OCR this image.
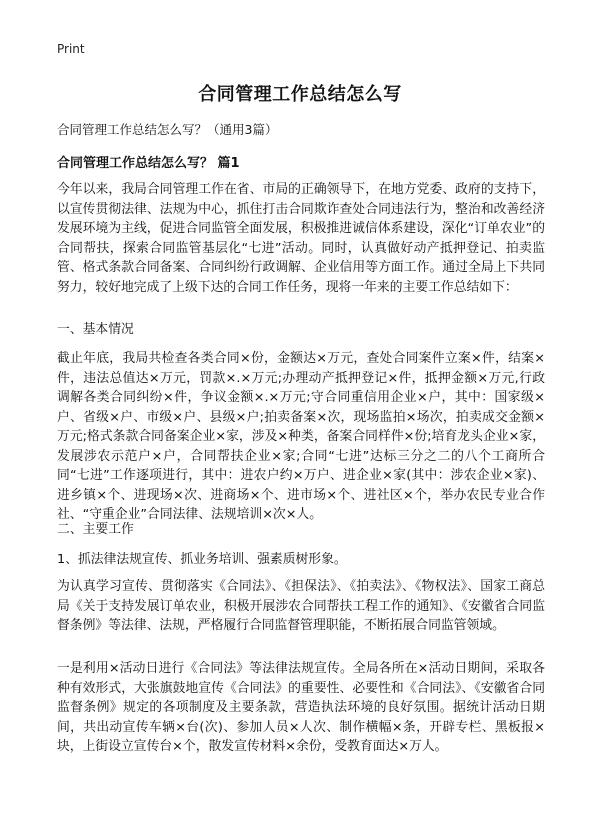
Print
合同管理工作总结怎么写
合同管理工作总结怎么写？（通用3篇）
合同管理工作总结怎么写？ 篇1

今年以来，我局合同管理工作在省、市局的正确领导下，在地方党委、政府的支持下，以宣传贯彻法律、法规为中心，抓住打击合同欺诈查处合同违法行为，整治和改善经济发展环境为主线，促进合同监管全面发展，积极推进诚信体系建设，深化“订单农业”的合同帮扶，探索合同监管基层化“七进”活动。同时，认真做好动产抵押登记、拍卖监管、格式条款合同备案、合同纠纷行政调解、企业信用等方面工作。通过全局上下共同努力，较好地完成了上级下达的合同工作任务，现将一年来的主要工作总结如下：

一、基本情况

截止年底，我局共检查各类合同×份，金额达×万元，查处合同案件立案×件，结案×件，违法总值达×万元，罚款×.×万元;办理动产抵押登记×件，抵押金额×万元,行政调解各类合同纠纷×件，争议金额×.×万元;守合同重信用企业×户，其中：国家级×户、省级×户、市级×户、县级×户;拍卖备案×次，现场监拍×场次，拍卖成交金额×万元;格式条款合同备案企业×家，涉及×种类，备案合同样件×份;培育龙头企业×家，发展涉农示范户×户，合同帮扶企业×家;合同“七进”达标三分之二的八个工商所合同“七进”工作逐项进行，其中：进农户约×万户、进企业×家(其中：涉农企业×家)、进乡镇×个、进现场×次、进商场×个、进市场×个、进社区×个，举办农民专业合作社、“守重企业”合同法律、法规培训×次×人。

二、主要工作
1、抓法律法规宣传、抓业务培训、强素质树形象。

为认真学习宣传、贯彻落实《合同法》、《担保法》、《拍卖法》、《物权法》、国家工商总局《关于支持发展订单农业，积极开展涉农合同帮扶工程工作的通知》、《安徽省合同监督条例》等法律、法规，严格履行合同监督管理职能，不断拓展合同监管领域。

一是利用×活动日进行《合同法》等法律法规宣传。全局各所在×活动日期间，采取各种有效形式，大张旗鼓地宣传《合同法》的重要性、必要性和《合同法》、《安徽省合同监督条例》规定的各项制度及主要条款，营造执法环境的良好氛围。据统计活动日期间，共出动宣传车辆×台(次)、参加人员×人次、制作横幅×条，开辟专栏、黑板报×块，上街设立宣传台×个，散发宣传材料×余份，受教育面达×万人。
